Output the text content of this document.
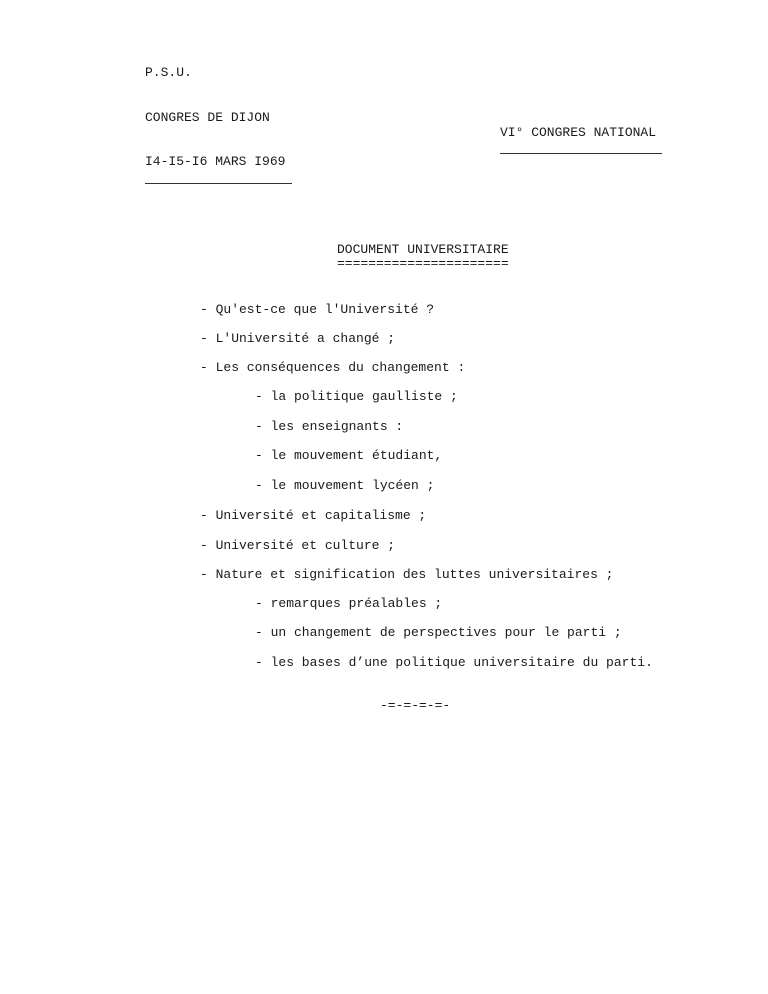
P.S.U.
CONGRES DE DIJON
VI° CONGRES NATIONAL
I4-I5-I6 MARS I969
DOCUMENT UNIVERSITAIRE
======================
- Qu'est-ce que l'Université ?
- L'Université a changé ;
- Les conséquences du changement :
- la politique gaulliste ;
- les enseignants :
- le mouvement étudiant,
- le mouvement lycéen ;
- Université et capitalisme ;
- Université et culture ;
- Nature et signification des luttes universitaires ;
- remarques préalables ;
- un changement de perspectives pour le parti ;
- les bases d’une politique universitaire du parti.
-=-=-=-=-
